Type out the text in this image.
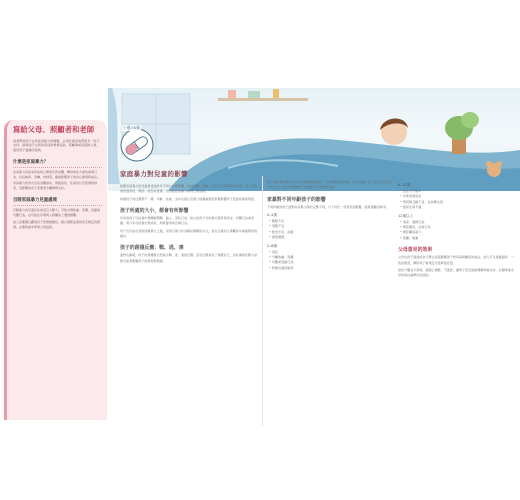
寫給父母、照顧者和老師
當我們談到子女與家庭暴力的問題，必須先提供他們更多一些予支持；請尋找子女與你家庭的專業協助，與輔導或是援助人員，提供孩子適當的協助。
什麼是家庭暴力？

家庭暴力是指家庭成員之間發生的身體、精神或性方面的傷害行為，包括威脅、恐嚇、控制等，嚴重影響孩子的身心健康與成長。

家庭暴力的形式包括身體虐待、情緒虐待、性虐待以及經濟控制等，受影響的孩子需要更多關懷與支持。

目睹家庭暴力兒童處境

目睹暴力的兒童往往承受巨大壓力，可能出現焦慮、恐懼、退縮或攻擊行為，也可能在學業與人際關係上遇到困難。

成人需要細心觀察孩子的情緒變化，耐心傾聽並提供安全穩定的環境，必要時尋求專業人員協助。

小靈OK繃
家庭暴力對兒童的影響

經歷家庭暴力的兒童會受到許多不同方式的影響，包括身體、情緒、行為以及學業等各方面。孩子可能會感到害怕、無助、憤怒或羞愧，也可能認為暴力是自己造成的。

每個孩子的反應都不一樣，年齡、性格、支持系統以及暴力的嚴重程度都會影響孩子受到的傷害程度。

孩子所處的大小，都會有所影響

年幼的孩子可能會出現睡眠問題、黏人、退化行為；較大的孩子可能會出現學業退步、攻擊行為或退縮。青少年可能會出現逃家、物質濫用或自傷行為。

孩子也可能在長期目睹暴力之後，學習以暴力作為解決問題的方法，並在日後的人際關係中重複相同的模式。

孩子的創傷反應：戰、逃、凍

面對危險時，孩子的身體會自然產生戰、逃、凍的反應。這些反應是為了保護自己，但長期處於壓力狀態可能會影響孩子的發展與健康。

孩子可能會對發生在家中的事情感到困惑，不知道應該告訴誰，也可能擔心自己的安全以及家人的安全。成人需要讓孩子知道暴力不是他們的錯。

家暴對不同年齡孩子的影響

不同年齡的孩子面對家庭暴力時的反應不同，以下列出一些常見的影響，提供照顧者參考。

0–2歲：
• 睡眠不好
• 哭鬧不安
• 飲食不佳、消瘦
• 發展遲緩
2–6歲：
• 退化
• 分離焦慮、恐懼
• 攻擊或退縮行為
• 對聲音過度敏感
6–12歲：
• 注意力不集中
• 學業表現退步
• 與同儕互動不良、自我概念低
• 經常生病不適
12歲以上：
• 逃家、違規行為
• 物質濫用、自傷行為
• 親密關係暴力
• 憂鬱、焦慮
父母意見的效果

父母在孩子面前的言行舉止深深影響孩子對家庭與關係的看法。成人可以透過溫和、一致的態度，幫助孩子重建安全感與信任感。

當孩子願意分享時，請耐心傾聽、不批評，讓孩子感受到被理解與被支持，必要時尋求學校或社福單位的協助。
